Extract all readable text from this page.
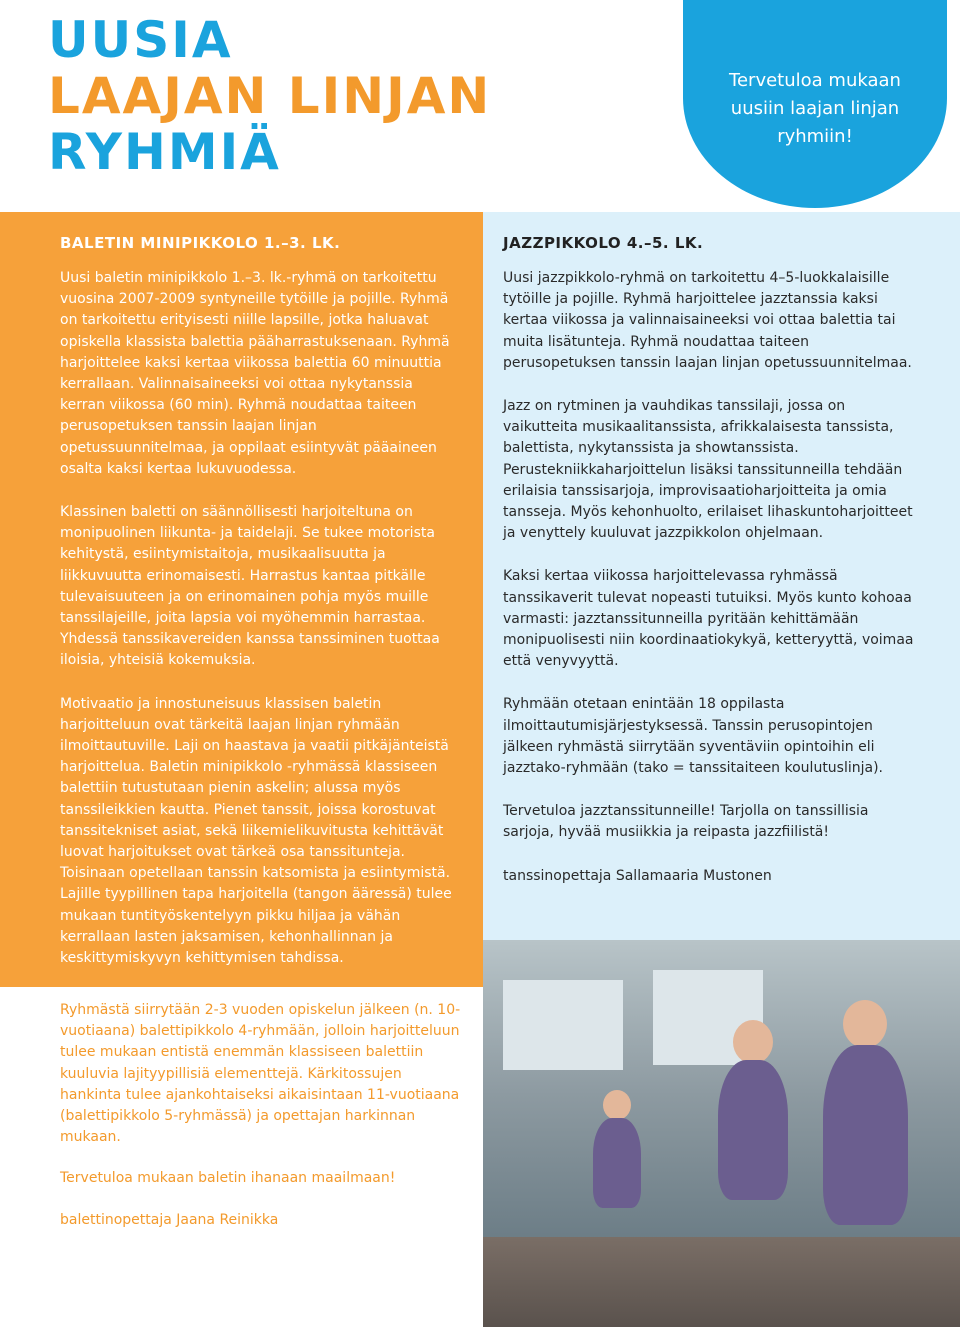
UUSIA
LAAJAN LINJAN
RYHMIÄ
Tervetuloa mukaan uusiin laajan linjan ryhmiin!
BALETIN MINIPIKKOLO 1.–3. LK.

Uusi baletin minipikkolo 1.–3. lk.-ryhmä on tarkoitettu vuosina 2007-2009 syntyneille tytöille ja pojille. Ryhmä on tarkoitettu erityisesti niille lapsille, jotka haluavat opiskella klassista balettia pääharrastuksenaan. Ryhmä harjoittelee kaksi kertaa viikossa balettia 60 minuuttia kerrallaan. Valinnaisaineeksi voi ottaa nykytanssia kerran viikossa (60 min). Ryhmä noudattaa taiteen perusopetuksen tanssin laajan linjan opetussuunnitelmaa, ja oppilaat esiintyvät pääaineen osalta kaksi kertaa lukuvuodessa.

Klassinen baletti on säännöllisesti harjoiteltuna on monipuolinen liikunta- ja taidelaji. Se tukee motorista kehitystä, esiintymistaitoja, musikaalisuutta ja liikkuvuutta erinomaisesti. Harrastus kantaa pitkälle tulevaisuuteen ja on erinomainen pohja myös muille tanssilajeille, joita lapsia voi myöhemmin harrastaa. Yhdessä tanssikavereiden kanssa tanssiminen tuottaa iloisia, yhteisiä kokemuksia.

Motivaatio ja innostuneisuus klassisen baletin harjoitteluun ovat tärkeitä laajan linjan ryhmään ilmoittautuville. Laji on haastava ja vaatii pitkäjänteistä harjoittelua. Baletin minipikkolo -ryhmässä klassiseen balettiin tutustutaan pienin askelin; alussa myös tanssileikkien kautta. Pienet tanssit, joissa korostuvat tanssitekniset asiat, sekä liikemielikuvitusta kehittävät luovat harjoitukset ovat tärkeä osa tanssitunteja. Toisinaan opetellaan tanssin katsomista ja esiintymistä. Lajille tyypillinen tapa harjoitella (tangon ääressä) tulee mukaan tuntityöskentelyyn pikku hiljaa ja vähän kerrallaan lasten jaksamisen, kehonhallinnan ja keskittymiskyvyn kehittymisen tahdissa.

Ryhmästä siirrytään 2-3 vuoden opiskelun jälkeen (n. 10-vuotiaana) balettipikkolo 4-ryhmään, jolloin harjoitteluun tulee mukaan entistä enemmän klassiseen balettiin kuuluvia lajityypillisiä elementtejä. Kärkitossujen hankinta tulee ajankohtaiseksi aikaisintaan 11-vuotiaana (balettipikkolo 5-ryhmässä) ja opettajan harkinnan mukaan.

Tervetuloa mukaan baletin ihanaan maailmaan!

balettinopettaja Jaana Reinikka

JAZZPIKKOLO 4.–5. LK.

Uusi jazzpikkolo-ryhmä on tarkoitettu 4–5-luokkalaisille tytöille ja pojille. Ryhmä harjoittelee jazztanssia kaksi kertaa viikossa ja valinnaisaineeksi voi ottaa balettia tai muita lisätunteja. Ryhmä noudattaa taiteen perusopetuksen tanssin laajan linjan opetussuunnitelmaa.

Jazz on rytminen ja vauhdikas tanssilaji, jossa on vaikutteita musikaalitanssista, afrikkalaisesta tanssista, balettista, nykytanssista ja showtanssista. Perustekniikkaharjoittelun lisäksi tanssitunneilla tehdään erilaisia tanssisarjoja, improvisaatioharjoitteita ja omia tansseja. Myös kehonhuolto, erilaiset lihaskuntoharjoitteet ja venyttely kuuluvat jazzpikkolon ohjelmaan.

Kaksi kertaa viikossa harjoittelevassa ryhmässä tanssikaverit tulevat nopeasti tutuiksi. Myös kunto kohoaa varmasti: jazztanssitunneilla pyritään kehittämään monipuolisesti niin koordinaatiokykyä, ketteryyttä, voimaa että venyvyyttä.

Ryhmään otetaan enintään 18 oppilasta ilmoittautumisjärjestyksessä. Tanssin perusopintojen jälkeen ryhmästä siirrytään syventäviin opintoihin eli jazztako-ryhmään (tako = tanssitaiteen koulutuslinja).

Tervetuloa jazztanssitunneille! Tarjolla on tanssillisia sarjoja, hyvää musiikkia ja reipasta jazzfiilistä!

tanssinopettaja Sallamaaria Mustonen
